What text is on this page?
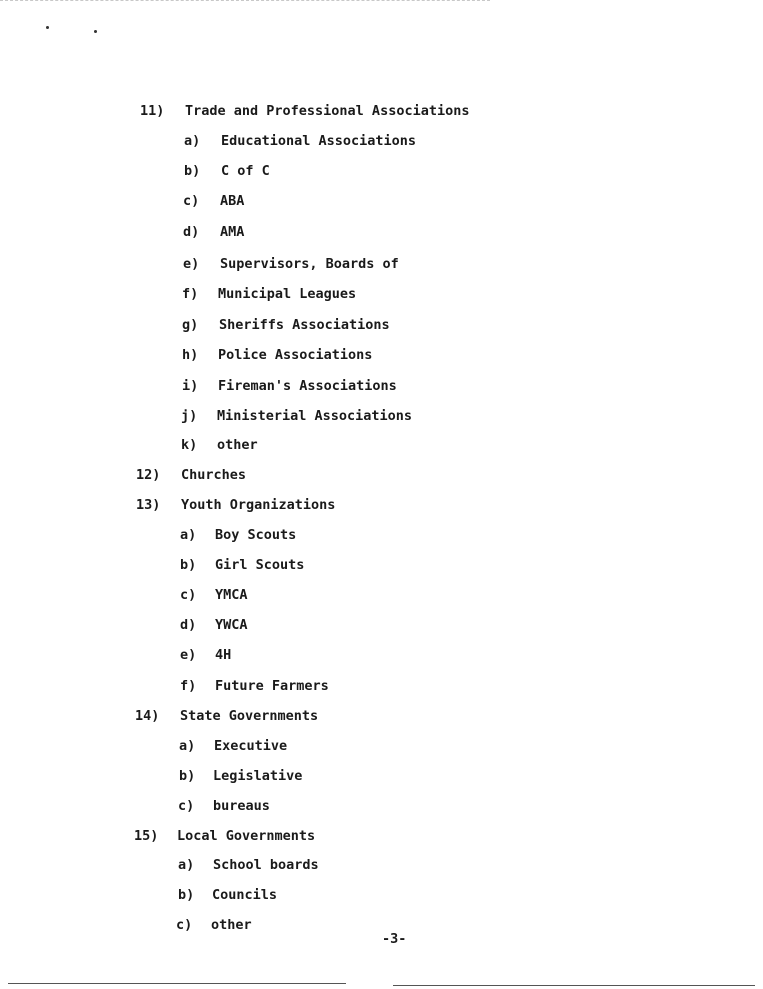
11) Trade and Professional Associations
a) Educational Associations
b) C of C
c) ABA
d) AMA
e) Supervisors, Boards of
f) Municipal Leagues
g) Sheriffs Associations
h) Police Associations
i) Fireman's Associations
j) Ministerial Associations
k) other
12) Churches
13) Youth Organizations
a) Boy Scouts
b) Girl Scouts
c) YMCA
d) YWCA
e) 4H
f) Future Farmers
14) State Governments
a) Executive
b) Legislative
c) bureaus
15) Local Governments
a) School boards
b) Councils
c) other
-3-
